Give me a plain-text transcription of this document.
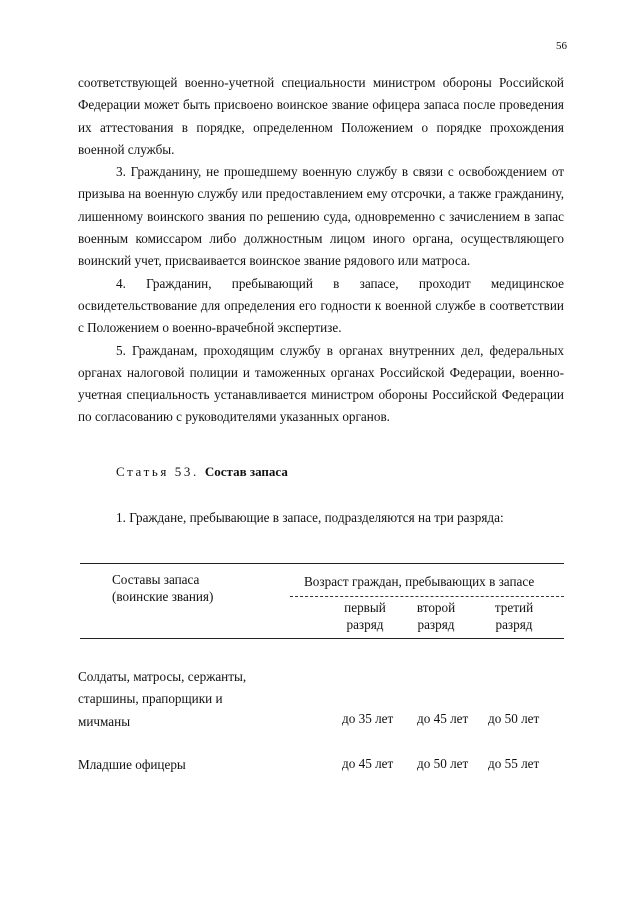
56

соответствующей военно-учетной специальности министром обороны Российской Федерации может быть присвоено воинское звание офицера запаса после проведения их аттестования в порядке, определенном Положением о порядке прохождения военной службы.

3. Гражданину, не прошедшему военную службу в связи с освобождением от призыва на военную службу или предоставлением ему отсрочки, а также гражданину, лишенному воинского звания по решению суда, одновременно с зачислением в запас военным комиссаром либо должностным лицом иного органа, осуществляющего воинский учет, присваивается воинское звание рядового или матроса.

4. Гражданин, пребывающий в запасе, проходит медицинское освидетельствование для определения его годности к военной службе в соответствии с Положением о военно-врачебной экспертизе.

5. Гражданам, проходящим службу в органах внутренних дел, федеральных органах налоговой полиции и таможенных органах Российской Федерации, военно-учетная специальность устанавливается министром обороны Российской Федерации по согласованию с руководителями указанных органов.

Статья 53. Состав запаса
1. Граждане, пребывающие в запасе, подразделяются на три разряда:
Составы запаса
(воинские звания)
Возраст граждан, пребывающих в запасе
первый
разряд
второй
разряд
третий
разряд
Солдаты, матросы, сержанты,
старшины, прапорщики и
мичманы	до 35 лет до 45 лет до 50 лет
Младшие офицеры	до 45 лет до 50 лет до 55 лет
